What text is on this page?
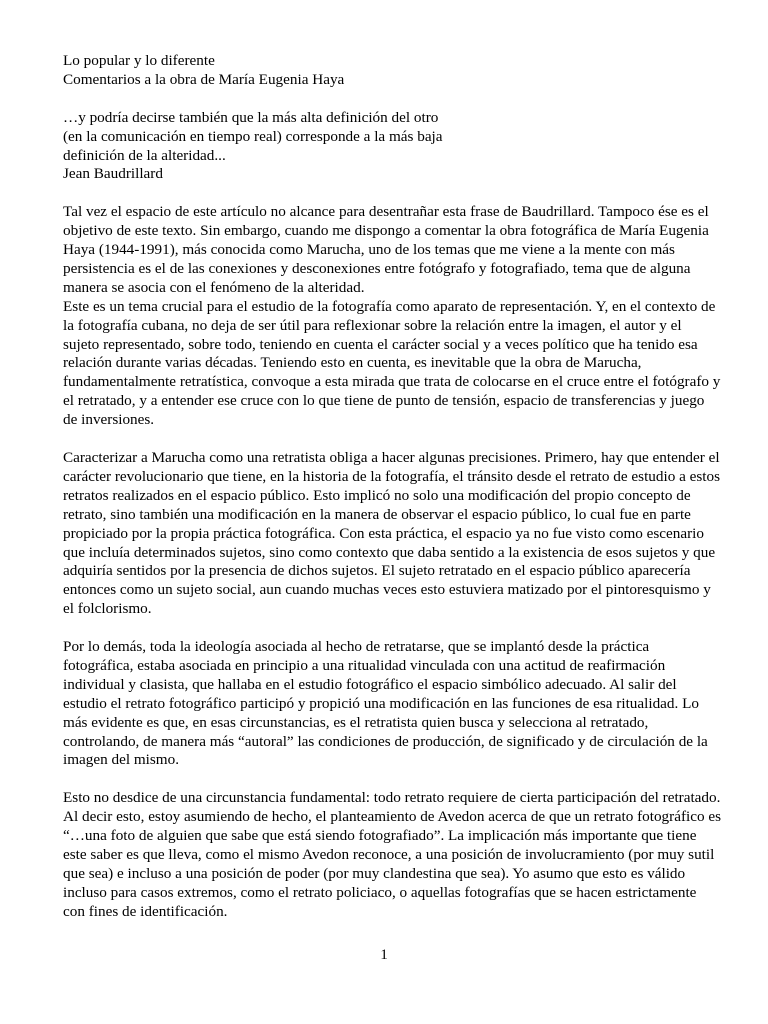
Lo popular y lo diferente
Comentarios a la obra de María Eugenia Haya
…y podría decirse también que la más alta definición del otro
(en la comunicación en tiempo real) corresponde a la más baja
definición de la alteridad...
Jean Baudrillard

Tal vez el espacio de este artículo no alcance para desentrañar esta frase de Baudrillard. Tampoco ése es el objetivo de este texto. Sin embargo, cuando me dispongo a comentar la obra fotográfica de María Eugenia Haya (1944-1991), más conocida como Marucha, uno de los temas que me viene a la mente con más persistencia es el de las conexiones y desconexiones entre fotógrafo y fotografiado, tema que de alguna manera se asocia con el fenómeno de la alteridad.

Este es un tema crucial para el estudio de la fotografía como aparato de representación. Y, en el contexto de la fotografía cubana, no deja de ser útil para reflexionar sobre la relación entre la imagen, el autor y el sujeto representado, sobre todo, teniendo en cuenta el carácter social y a veces político que ha tenido esa relación durante varias décadas. Teniendo esto en cuenta, es inevitable que la obra de Marucha, fundamentalmente retratística, convoque a esta mirada que trata de colocarse en el cruce entre el fotógrafo y el retratado, y a entender ese cruce con lo que tiene de punto de tensión, espacio de transferencias y juego de inversiones.

Caracterizar a Marucha como una retratista obliga a hacer algunas precisiones. Primero, hay que entender el carácter revolucionario que tiene, en la historia de la fotografía, el tránsito desde el retrato de estudio a estos retratos realizados en el espacio público. Esto implicó no solo una modificación del propio concepto de retrato, sino también una modificación en la manera de observar el espacio público, lo cual fue en parte propiciado por la propia práctica fotográfica. Con esta práctica, el espacio ya no fue visto como escenario que incluía determinados sujetos, sino como contexto que daba sentido a la existencia de esos sujetos y que adquiría sentidos por la presencia de dichos sujetos. El sujeto retratado en el espacio público aparecería entonces como un sujeto social, aun cuando muchas veces esto estuviera matizado por el pintoresquismo y el folclorismo.

Por lo demás, toda la ideología asociada al hecho de retratarse, que se implantó desde la práctica fotográfica, estaba asociada en principio a una ritualidad vinculada con una actitud de reafirmación individual y clasista, que hallaba en el estudio fotográfico el espacio simbólico adecuado. Al salir del estudio el retrato fotográfico participó y propició una modificación en las funciones de esa ritualidad. Lo más evidente es que, en esas circunstancias, es el retratista quien busca y selecciona al retratado, controlando, de manera más “autoral” las condiciones de producción, de significado y de circulación de la imagen del mismo.

Esto no desdice de una circunstancia fundamental: todo retrato requiere de cierta participación del retratado. Al decir esto, estoy asumiendo de hecho, el planteamiento de Avedon acerca de que un retrato fotográfico es “…una foto de alguien que sabe que está siendo fotografiado”. La implicación más importante que tiene este saber es que lleva, como el mismo Avedon reconoce, a una posición de involucramiento (por muy sutil que sea) e incluso a una posición de poder (por muy clandestina que sea). Yo asumo que esto es válido incluso para casos extremos, como el retrato policiaco, o aquellas fotografías que se hacen estrictamente con fines de identificación.

1
